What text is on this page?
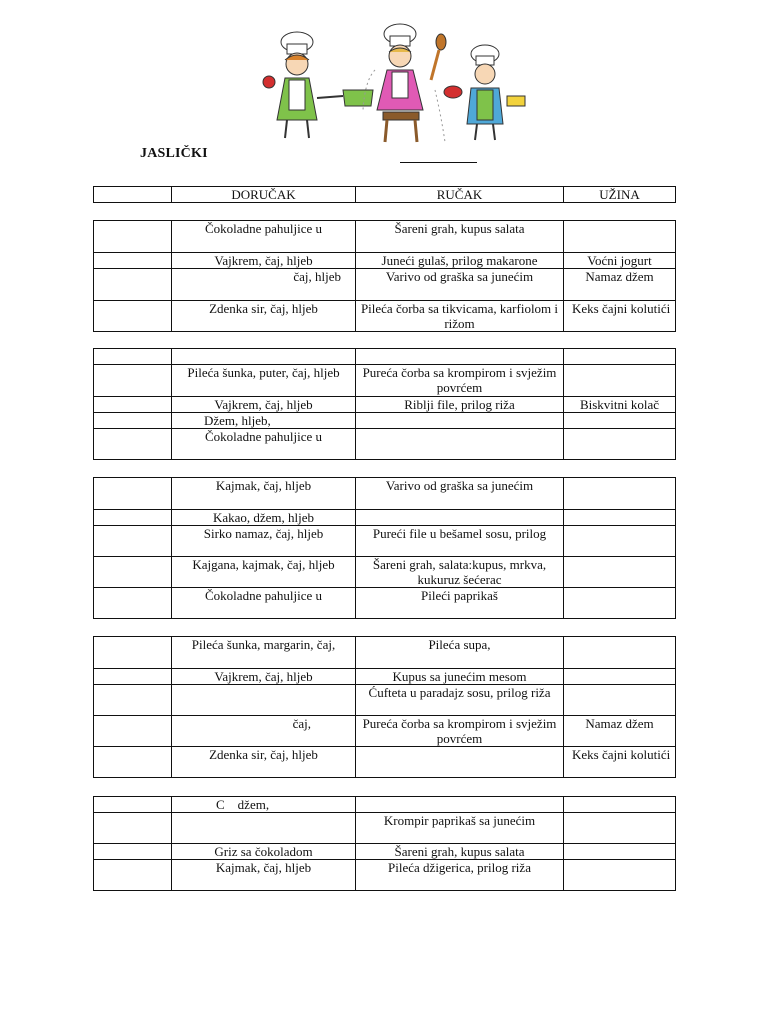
JASLIČKI
	DORUČAK	RUČAK	UŽINA
	Čokoladne pahuljice u	Šareni grah, kupus salata	
	Vajkrem, čaj, hljeb	Juneći gulaš, prilog makarone	Voćni jogurt
	čaj, hljeb	Varivo od graška sa junećim	Namaz džem
	Zdenka sir, čaj, hljeb	Pileća čorba sa tikvicama, karfiolom i rižom	Keks čajni kolutići

	Pileća šunka, puter, čaj, hljeb	Pureća čorba sa krompirom i svježim povrćem	
	Vajkrem, čaj, hljeb	Riblji file, prilog riža	Biskvitni kolač
	Džem, hljeb,		
	Čokoladne pahuljice u		
	Kajmak, čaj, hljeb	Varivo od graška sa junećim	
	Kakao, džem, hljeb		
	Sirko namaz, čaj, hljeb	Pureći file u bešamel sosu, prilog	
	Kajgana, kajmak, čaj, hljeb	Šareni grah, salata:kupus, mrkva, kukuruz šećerac	
	Čokoladne pahuljice u	Pileći paprikaš	
	Pileća šunka, margarin, čaj,	Pileća supa,	
	Vajkrem, čaj, hljeb	Kupus sa junećim mesom	
		Ćufteta u paradajz sosu, prilog riža	
	čaj,	Pureća čorba sa krompirom i svježim povrćem	Namaz džem
	Zdenka sir, čaj, hljeb		Keks čajni kolutići
	C    džem,		
		Krompir paprikaš sa junećim	
	Griz sa čokoladom	Šareni grah, kupus salata	
	Kajmak, čaj, hljeb	Pileća džigerica, prilog riža	
